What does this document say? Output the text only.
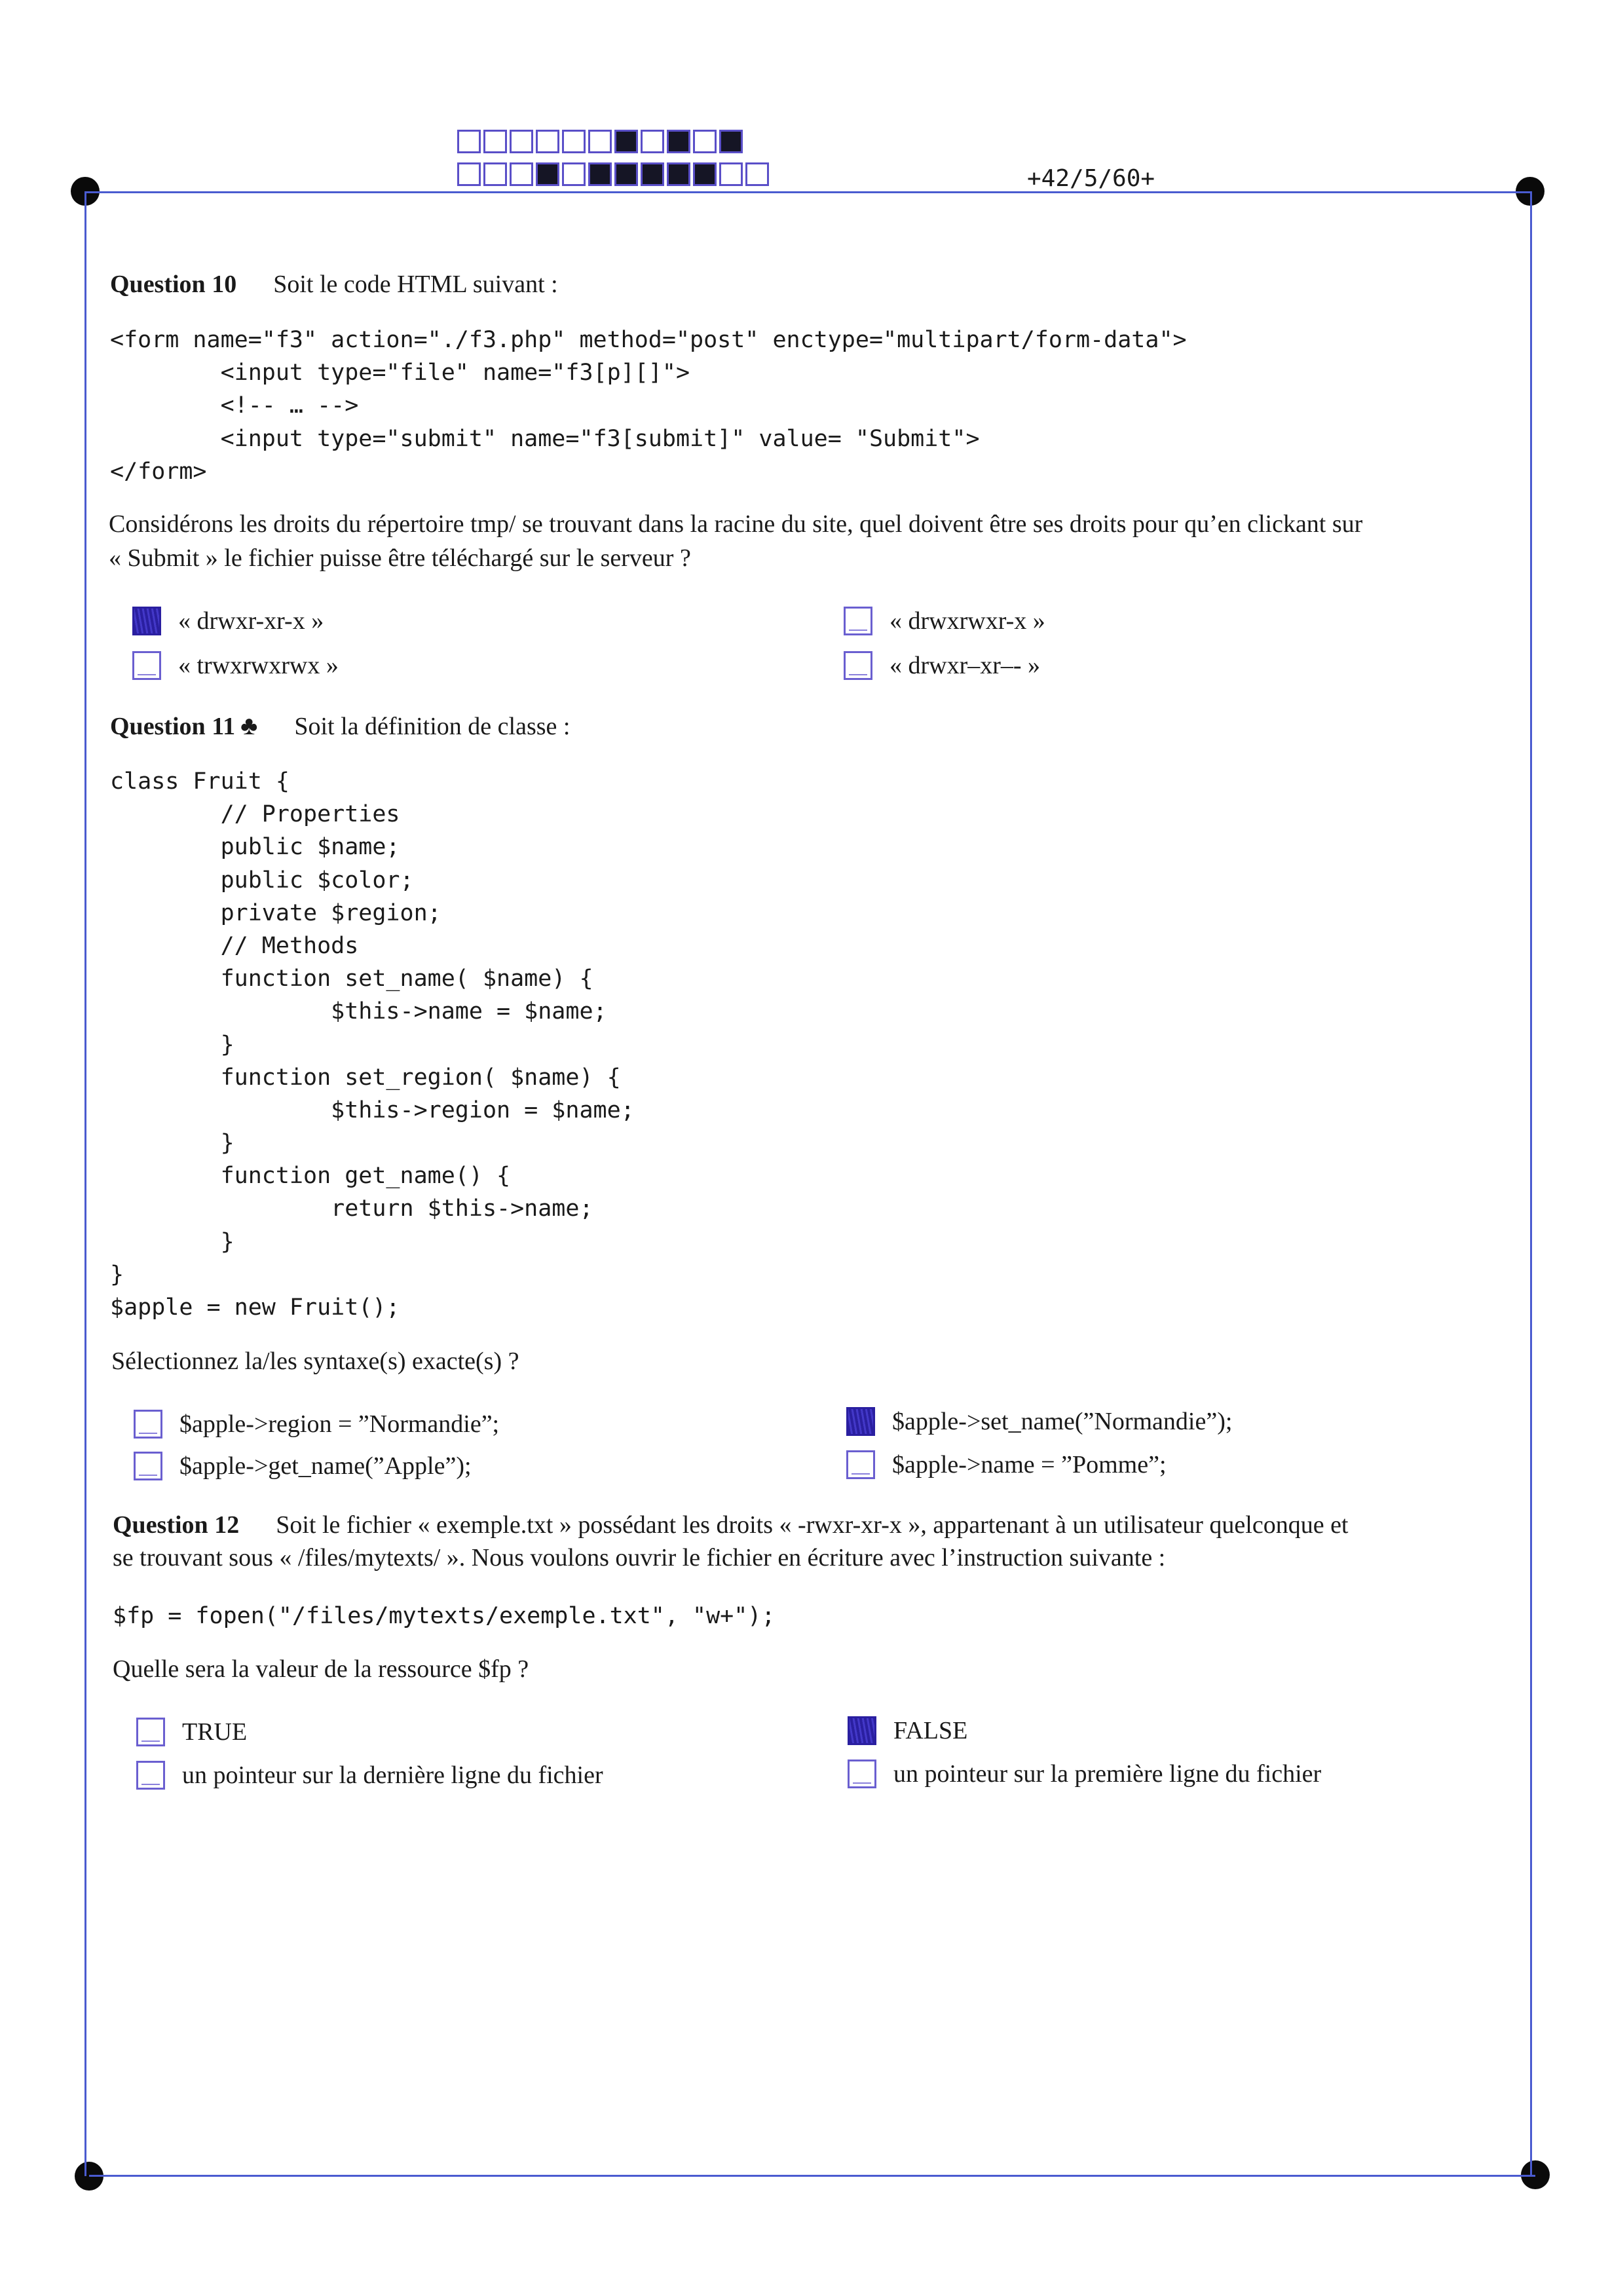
+42/5/60+
Question 10 Soit le code HTML suivant :
<form name="f3" action="./f3.php" method="post" enctype="multipart/form-data">
<input type="file" name="f3[p][]">
<!-- … -->
<input type="submit" name="f3[submit]" value= "Submit">
</form>
Considérons les droits du répertoire tmp/ se trouvant dans la racine du site, quel doivent être ses droits pour qu’en clickant sur
« Submit » le fichier puisse être téléchargé sur le serveur ?
« drwxr-xr-x »	« drwxrwxr-x »
« trwxrwxrwx »	« drwxr–xr–- »
Question 11 ♣ Soit la définition de classe :
class Fruit {
// Properties
public $name;
public $color;
private $region;
// Methods
function set_name( $name) {
$this->name = $name;
}
function set_region( $name) {
$this->region = $name;
}
function get_name() {
return $this->name;
}
}
$apple = new Fruit();
Sélectionnez la/les syntaxe(s) exacte(s) ?
$apple->region = ”Normandie”;	$apple->set_name(”Normandie”);
$apple->get_name(”Apple”);	$apple->name = ”Pomme”;
Question 12 Soit le fichier « exemple.txt » possédant les droits « -rwxr-xr-x », appartenant à un utilisateur quelconque et
se trouvant sous « /files/mytexts/ ». Nous voulons ouvrir le fichier en écriture avec l’instruction suivante :
$fp = fopen("/files/mytexts/exemple.txt", "w+");
Quelle sera la valeur de la ressource $fp ?
TRUE	FALSE
un pointeur sur la dernière ligne du fichier	un pointeur sur la première ligne du fichier
